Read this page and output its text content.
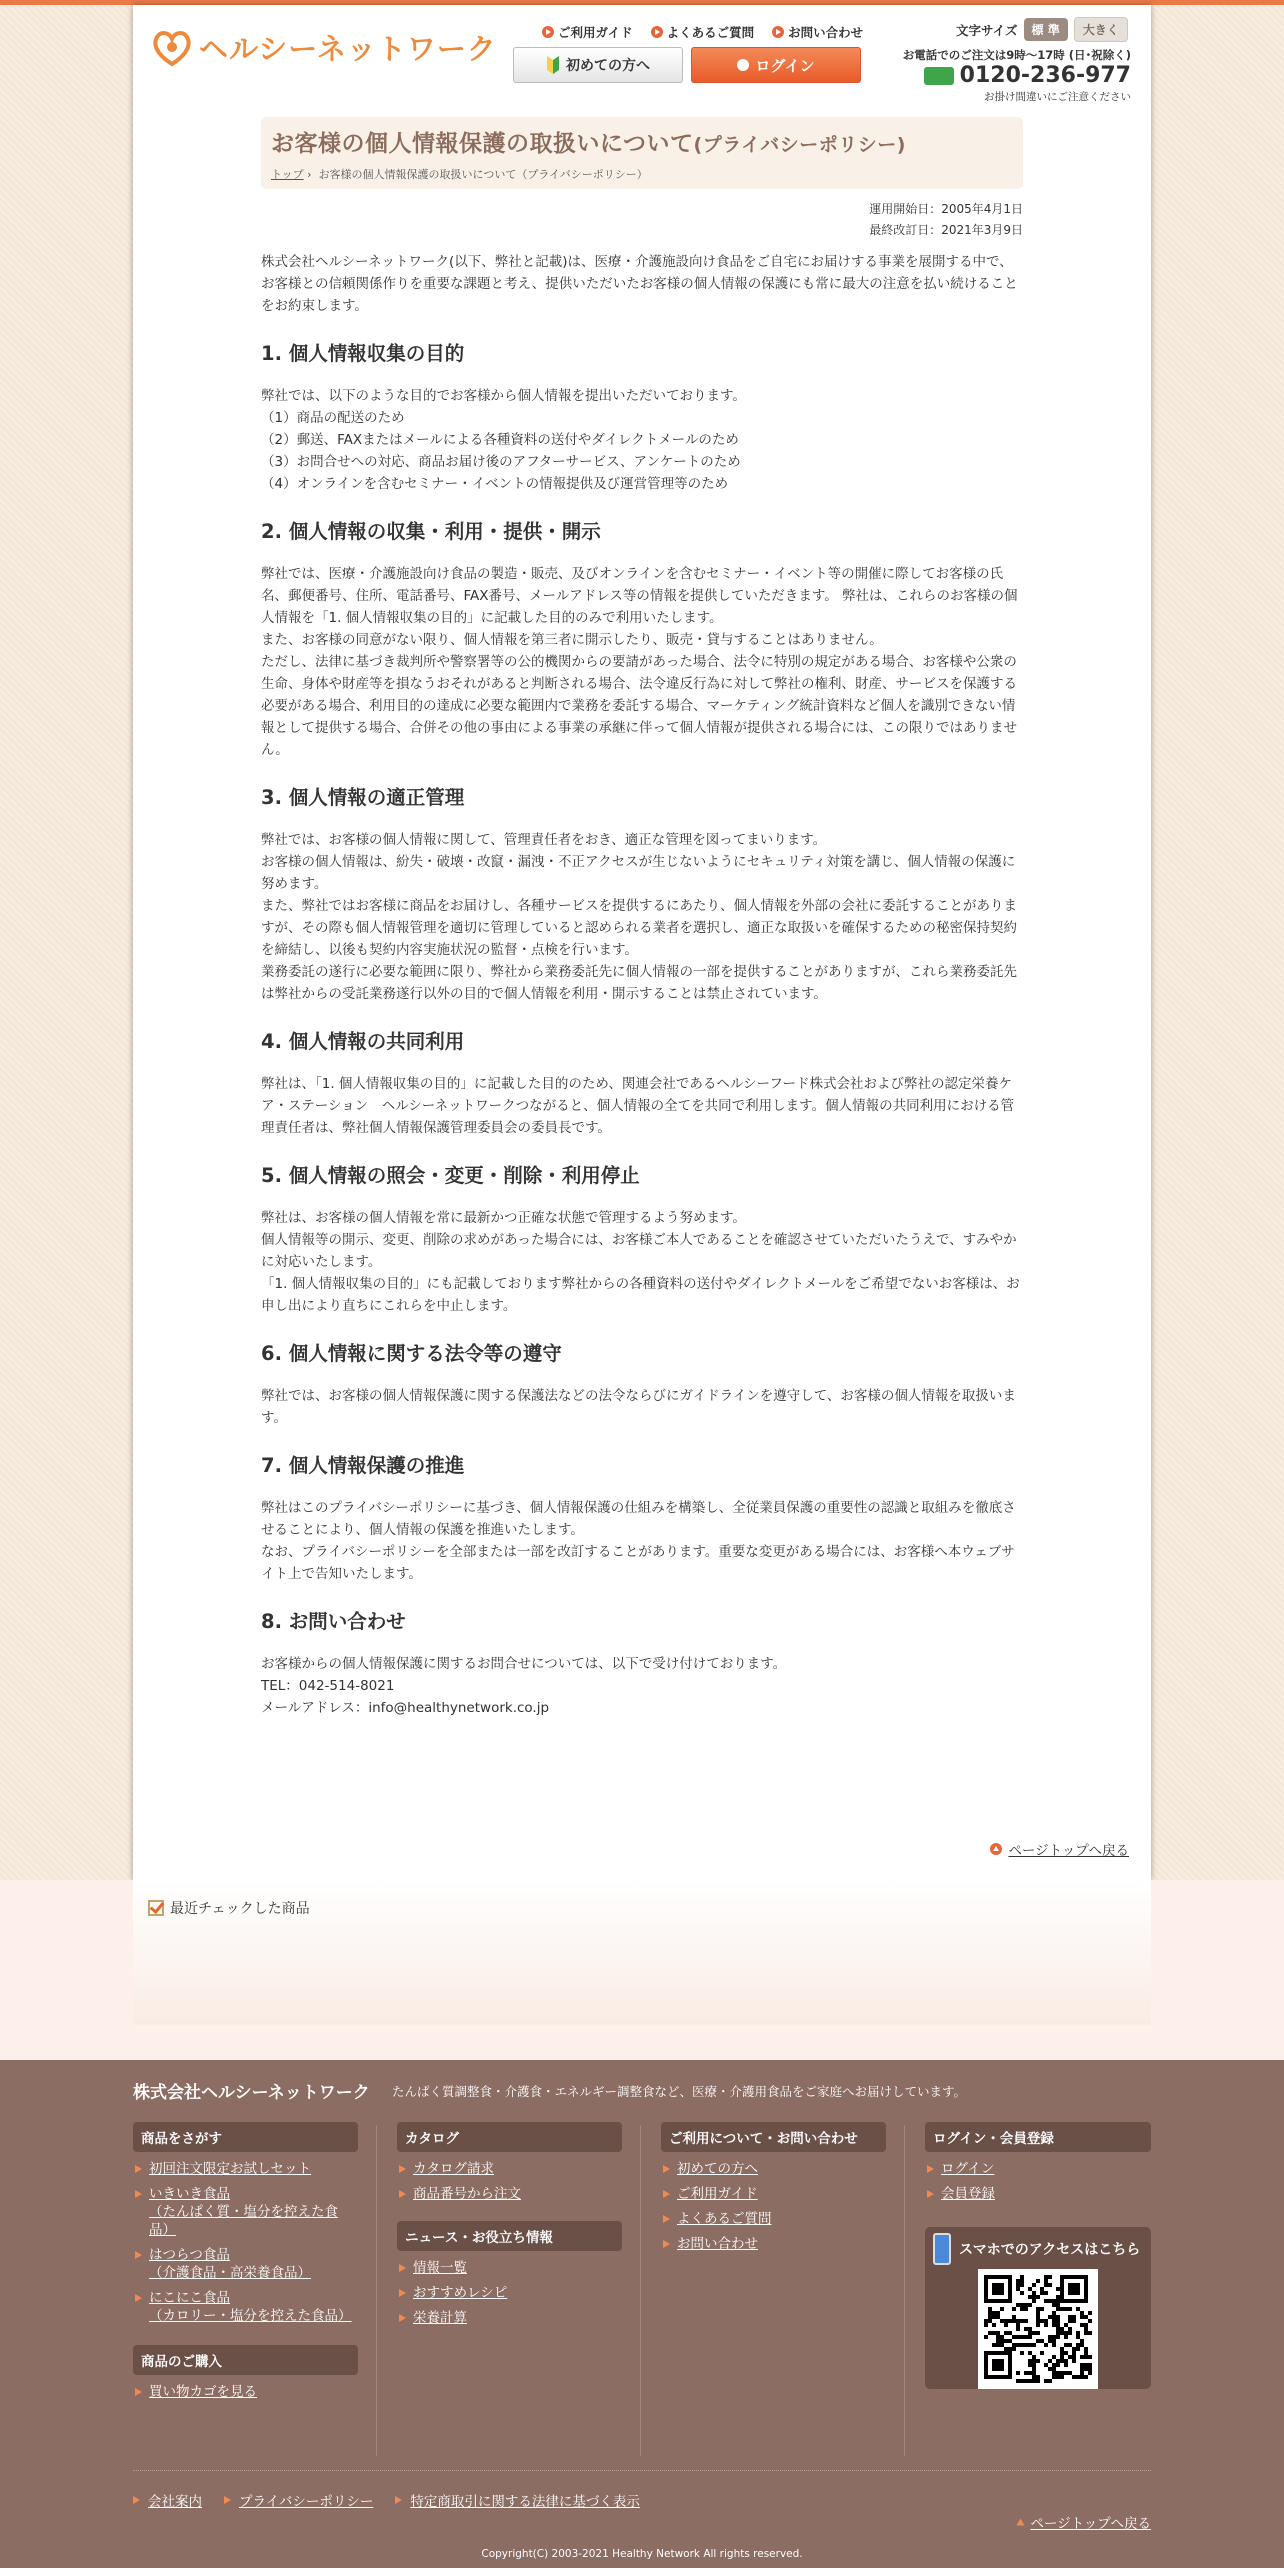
ヘルシーネットワーク	ご利用ガイド	よくあるご質問	お問い合わせ
初めての方へ	ログイン
文字サイズ	標 準	大きく
お電話でのご注文は9時〜17時 (日･祝除く)
0120-236-977
お掛け間違いにご注意ください
お客様の個人情報保護の取扱いについて(プライバシーポリシー)
トップ ›  お客様の個人情報保護の取扱いについて（プライバシーポリシー）
運用開始日：2005年4月1日
最終改訂日：2021年3月9日

株式会社ヘルシーネットワーク(以下、弊社と記載)は、医療・介護施設向け食品をご自宅にお届けする事業を展開する中で、お客様との信頼関係作りを重要な課題と考え、提供いただいたお客様の個人情報の保護にも常に最大の注意を払い続けることをお約束します。

1. 個人情報収集の目的

弊社では、以下のような目的でお客様から個人情報を提出いただいております。

（1）商品の配送のため

（2）郵送、FAXまたはメールによる各種資料の送付やダイレクトメールのため

（3）お問合せへの対応、商品お届け後のアフターサービス、アンケートのため

（4）オンラインを含むセミナー・イベントの情報提供及び運営管理等のため

2. 個人情報の収集・利用・提供・開示

弊社では、医療・介護施設向け食品の製造・販売、及びオンラインを含むセミナー・イベント等の開催に際してお客様の氏名、郵便番号、住所、電話番号、FAX番号、メールアドレス等の情報を提供していただきます。 弊社は、これらのお客様の個人情報を「1. 個人情報収集の目的」に記載した目的のみで利用いたします。

また、お客様の同意がない限り、個人情報を第三者に開示したり、販売・貸与することはありません。

ただし、法律に基づき裁判所や警察署等の公的機関からの要請があった場合、法令に特別の規定がある場合、お客様や公衆の生命、身体や財産等を損なうおそれがあると判断される場合、法令違反行為に対して弊社の権利、財産、サービスを保護する必要がある場合、利用目的の達成に必要な範囲内で業務を委託する場合、マーケティング統計資料など個人を識別できない情報として提供する場合、合併その他の事由による事業の承継に伴って個人情報が提供される場合には、この限りではありません。

3. 個人情報の適正管理

弊社では、お客様の個人情報に関して、管理責任者をおき、適正な管理を図ってまいります。

お客様の個人情報は、紛失・破壊・改竄・漏洩・不正アクセスが生じないようにセキュリティ対策を講じ、個人情報の保護に努めます。

また、弊社ではお客様に商品をお届けし、各種サービスを提供するにあたり、個人情報を外部の会社に委託することがありますが、その際も個人情報管理を適切に管理していると認められる業者を選択し、適正な取扱いを確保するための秘密保持契約を締結し、以後も契約内容実施状況の監督・点検を行います。

業務委託の遂行に必要な範囲に限り、弊社から業務委託先に個人情報の一部を提供することがありますが、これら業務委託先は弊社からの受託業務遂行以外の目的で個人情報を利用・開示することは禁止されています。

4. 個人情報の共同利用

弊社は、「1. 個人情報収集の目的」に記載した目的のため、関連会社であるヘルシーフード株式会社および弊社の認定栄養ケア・ステーション　ヘルシーネットワークつながると、個人情報の全てを共同で利用します。個人情報の共同利用における管理責任者は、弊社個人情報保護管理委員会の委員長です。

5. 個人情報の照会・変更・削除・利用停止

弊社は、お客様の個人情報を常に最新かつ正確な状態で管理するよう努めます。

個人情報等の開示、変更、削除の求めがあった場合には、お客様ご本人であることを確認させていただいたうえで、すみやかに対応いたします。

「1. 個人情報収集の目的」にも記載しております弊社からの各種資料の送付やダイレクトメールをご希望でないお客様は、お申し出により直ちにこれらを中止します。

6. 個人情報に関する法令等の遵守

弊社では、お客様の個人情報保護に関する保護法などの法令ならびにガイドラインを遵守して、お客様の個人情報を取扱います。

7. 個人情報保護の推進

弊社はこのプライバシーポリシーに基づき、個人情報保護の仕組みを構築し、全従業員保護の重要性の認識と取組みを徹底させることにより、個人情報の保護を推進いたします。

なお、プライバシーポリシーを全部または一部を改訂することがあります。重要な変更がある場合には、お客様へ本ウェブサイト上で告知いたします。

8. お問い合わせ

お客様からの個人情報保護に関するお問合せについては、以下で受け付けております。

TEL：042-514-8021

メールアドレス：info@healthynetwork.co.jp

ページトップへ戻る
最近チェックした商品
株式会社ヘルシーネットワーク たんぱく質調整食・介護食・エネルギー調整食など、医療・介護用食品をご家庭へお届けしています。
商品をさがす
初回注文限定お試しセット
いきいき食品
（たんぱく質・塩分を控えた食品）
はつらつ食品
（介護食品・高栄養食品）
にこにこ食品
（カロリー・塩分を控えた食品）
商品のご購入
買い物カゴを見る
カタログ
カタログ請求
商品番号から注文
ニュース・お役立ち情報
情報一覧
おすすめレシピ
栄養計算
ご利用について・お問い合わせ
初めての方へ
ご利用ガイド
よくあるご質問
お問い合わせ
ログイン・会員登録
ログイン
会員登録
スマホでのアクセスはこちら
会社案内	プライバシーポリシー	特定商取引に関する法律に基づく表示
ページトップへ戻る
Copyright(C) 2003-2021 Healthy Network All rights reserved.
